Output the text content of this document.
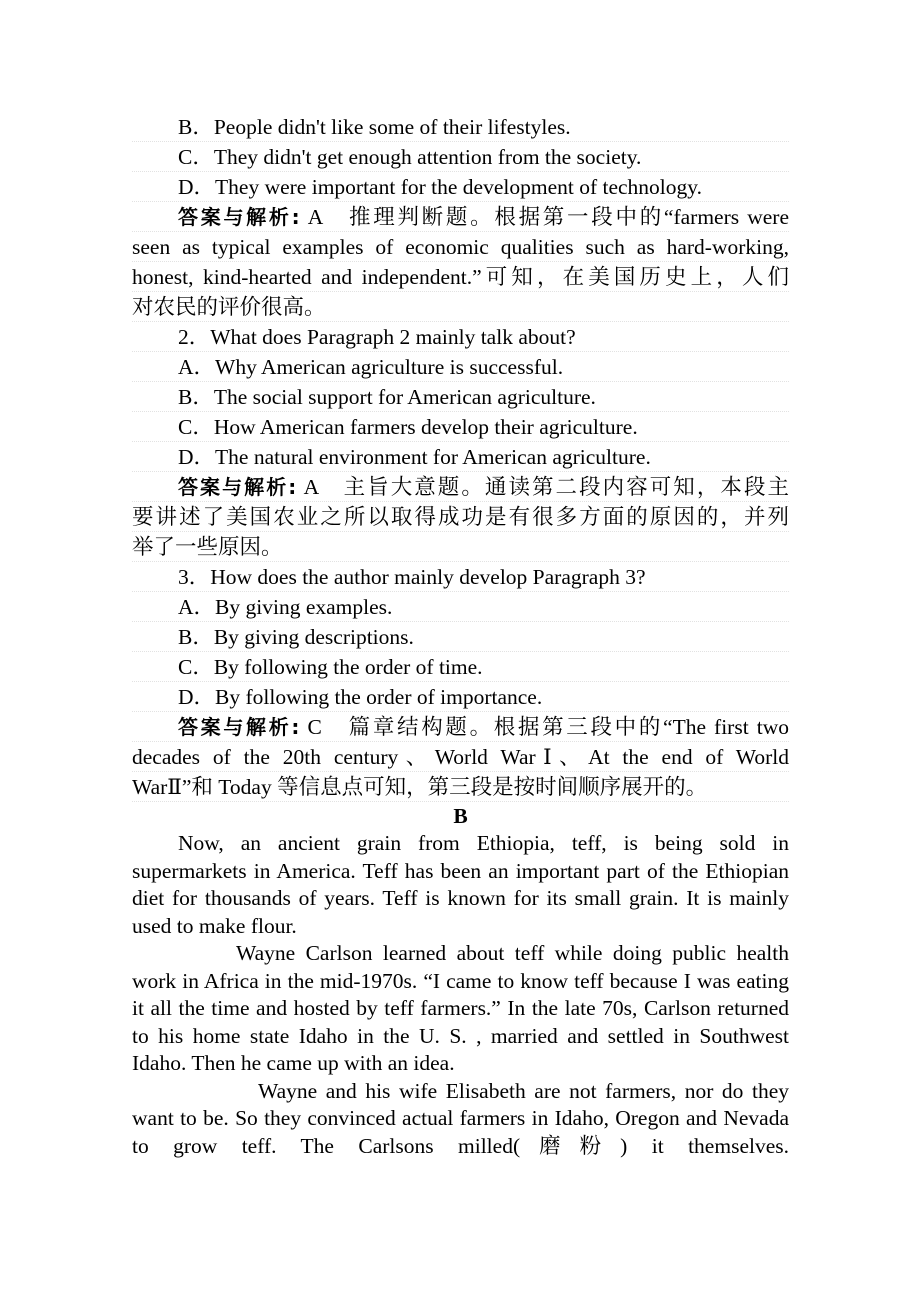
B．People didn't like some of their lifestyles.
C．They didn't get enough attention from the society.
D．They were important for the development of technology.
答案与解析: A　推理判断题。根据第一段中的“farmers were
seen as typical examples of economic qualities such as hard-working,
honest, kind-hearted and independent.”可知，在美国历史上，人们
对农民的评价很高。
2．What does Paragraph 2 mainly talk about?
A．Why American agriculture is successful.
B．The social support for American agriculture.
C．How American farmers develop their agriculture.
D．The natural environment for American agriculture.
答案与解析: A　主旨大意题。通读第二段内容可知，本段主
要讲述了美国农业之所以取得成功是有很多方面的原因的，并列
举了一些原因。
3．How does the author mainly develop Paragraph 3?
A．By giving examples.
B．By giving descriptions.
C．By following the order of time.
D．By following the order of importance.
答案与解析: C　篇章结构题。根据第三段中的“The first two
decades of the 20th century、World WarⅠ、At the end of World
WarⅡ”和 Today 等信息点可知，第三段是按时间顺序展开的。
B

Now, an ancient grain from Ethiopia, teff, is being sold in supermarkets in America. Teff has been an important part of the Ethiopian diet for thousands of years. Teff is known for its small grain. It is mainly used to make flour.

Wayne Carlson learned about teff while doing public health work in Africa in the mid-1970s. “I came to know teff because I was eating it all the time and hosted by teff farmers.” In the late 70s, Carlson returned to his home state Idaho in the U. S. , married and settled in Southwest Idaho. Then he came up with an idea.

Wayne and his wife Elisabeth are not farmers, nor do they want to be. So they convinced actual farmers in Idaho, Oregon and Nevada to grow teff. The Carlsons milled(磨粉) it themselves.
